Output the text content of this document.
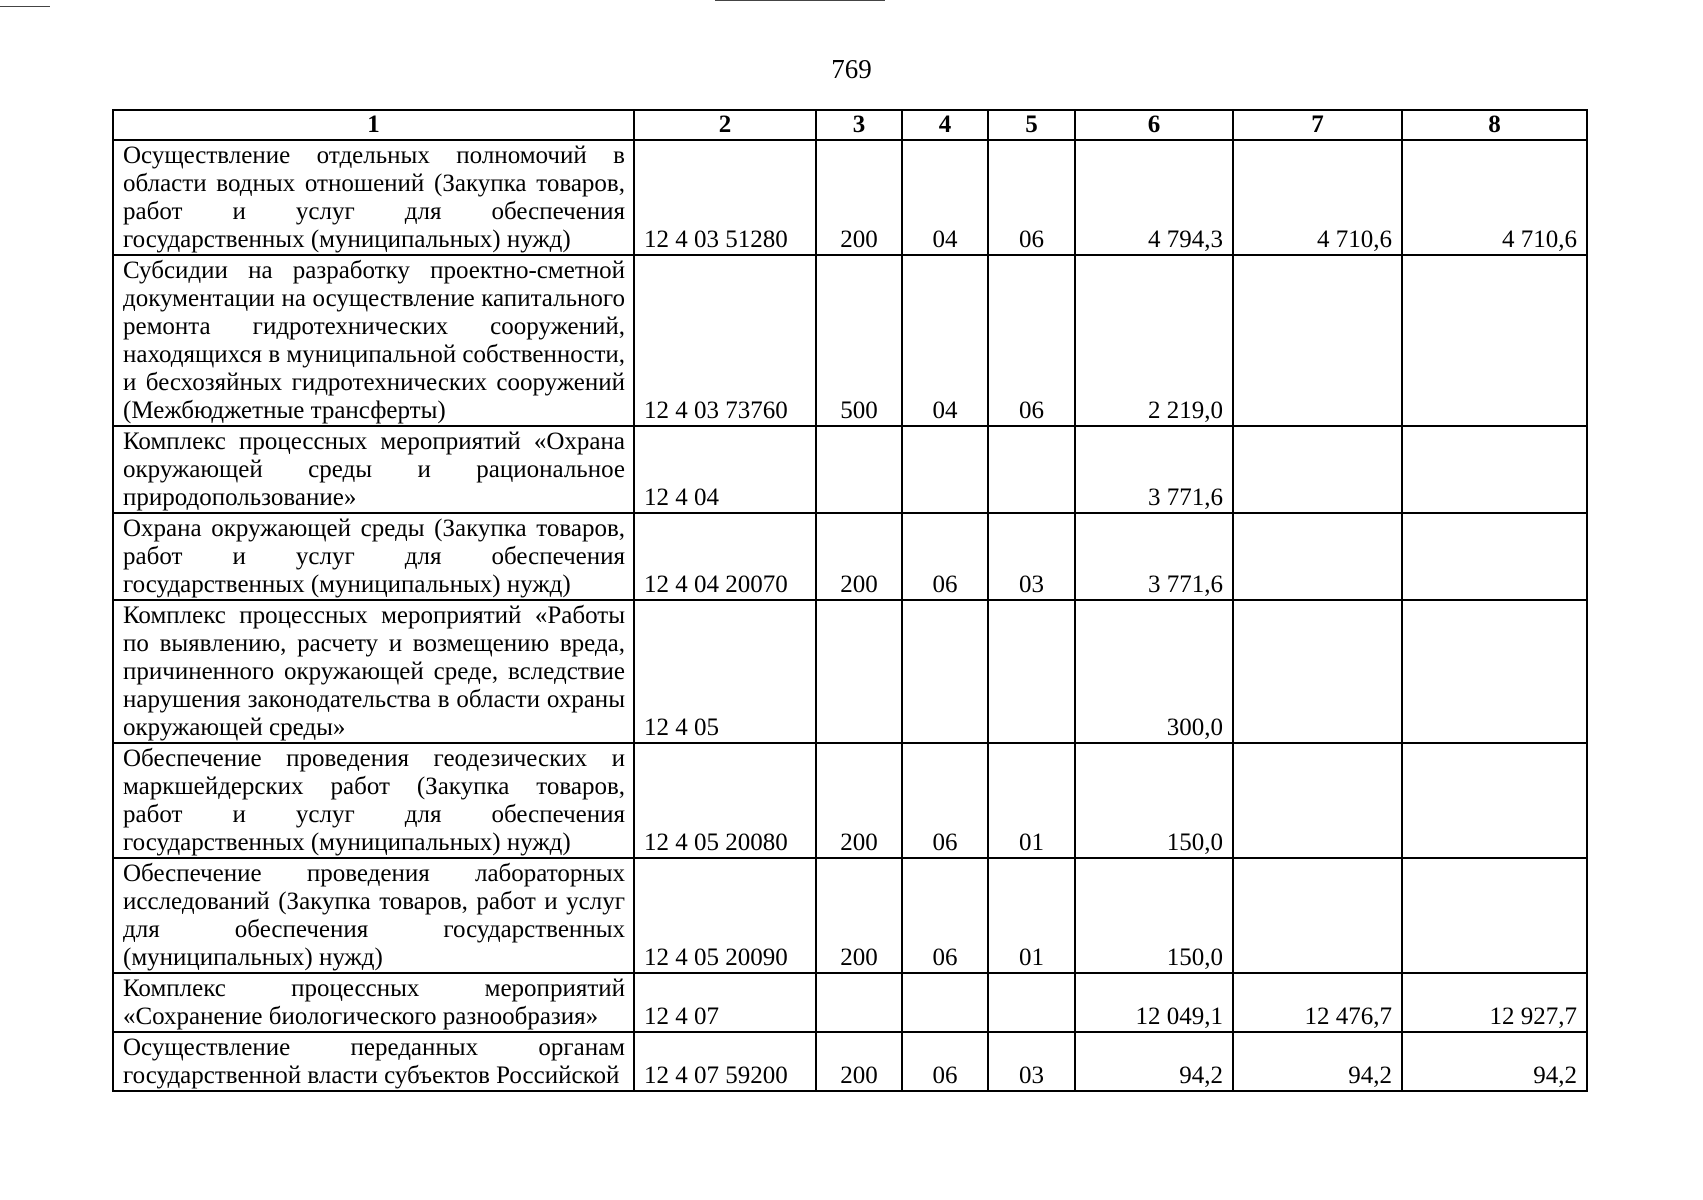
769
1	2	3	4	5	6	7	8
Осуществление отдельных полномочий в области водных отношений (Закупка товаров, работ и услуг для обеспечения государственных (муниципальных) нужд)	12 4 03 51280	200	04	06	4 794,3	4 710,6	4 710,6
Субсидии на разработку проектно-сметной документации на осуществление капитального ремонта гидротехнических сооружений, находящихся в муниципальной собственности, и бесхозяйных гидротехнических сооружений (Межбюджетные трансферты)	12 4 03 73760	500	04	06	2 219,0		
Комплекс процессных мероприятий «Охрана окружающей среды и рациональное природопользование»	12 4 04				3 771,6		
Охрана окружающей среды (Закупка товаров, работ и услуг для обеспечения государственных (муниципальных) нужд)	12 4 04 20070	200	06	03	3 771,6		
Комплекс процессных мероприятий «Работы по выявлению, расчету и возмещению вреда, причиненного окружающей среде, вследствие нарушения законодательства в области охраны окружающей среды»	12 4 05				300,0		
Обеспечение проведения геодезических и маркшейдерских работ (Закупка товаров, работ и услуг для обеспечения государственных (муниципальных) нужд)	12 4 05 20080	200	06	01	150,0		
Обеспечение проведения лабораторных исследований (Закупка товаров, работ и услуг для обеспечения государственных (муниципальных) нужд)	12 4 05 20090	200	06	01	150,0		
Комплекс процессных мероприятий «Сохранение биологического разнообразия»	12 4 07				12 049,1	12 476,7	12 927,7
Осуществление переданных органам государственной власти субъектов Российской	12 4 07 59200	200	06	03	94,2	94,2	94,2
